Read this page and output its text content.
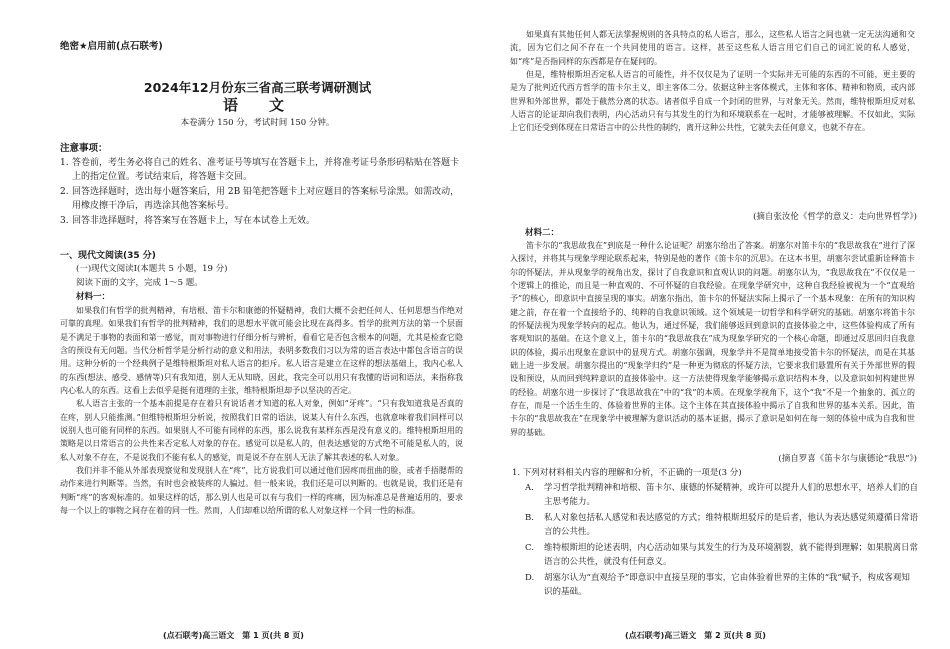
绝密★启用前(点石联考)
2024年12月份东三省高三联考调研测试
语　文
本卷满分 150 分，考试时间 150 分钟。
注意事项：
1. 答卷前，考生务必将自己的姓名、准考证号等填写在答题卡上，并将准考证号条形码粘贴在答题卡上的指定位置。考试结束后，将答题卡交回。
2. 回答选择题时，选出每小题答案后，用 2B 铅笔把答题卡上对应题目的答案标号涂黑。如需改动，用橡皮擦干净后，再选涂其他答案标号。
3. 回答非选择题时，将答案写在答题卡上，写在本试卷上无效。
一、现代文阅读(35 分)
(一)现代文阅读Ⅰ(本题共 5 小题，19 分)
阅读下面的文字，完成 1～5 题。
材料一：

如果我们有哲学的批判精神，有培根、笛卡尔和康德的怀疑精神，我们大概不会把任何人、任何思想当作绝对可靠的真理。如果我们有哲学的批判精神，我们的思想水平就可能会比现在高得多。哲学的批判方法的第一个层面是不满足于事物的表面和第一感觉，而对事物进行仔细分析与辨析，看看它是否包含根本的问题，尤其是检查它隐含的预设有无问题。当代分析哲学是分析行动的意义和用法，表明多数我们习以为常的语言表达中都包含语言的误用。这种分析的一个经典例子是维特根斯坦对私人语言的拒斥。私人语言是建立在这样的想法基础上，我内心私人的东西(想法、感受、感情等)只有我知道，别人无从知晓，因此，我完全可以用只有我懂的语词和语法，来指称我内心私人的东西。这看上去似乎是挺有道理的主张，维特根斯坦却予以坚决的否定。

私人语言主张的一个基本前提是存在着只有说话者才知道的私人对象，例如“牙疼”。“只有我知道我是否真的在疼，别人只能推测。”但维特根斯坦分析说，按照我们日常的语法，说某人有什么东西，也就意味着我们同样可以说别人也可能有同样的东西。如果别人不可能有同样的东西，那么说我有某样东西是没有意义的。维特根斯坦用的策略是以日常语言的公共性来否定私人对象的存在。感觉可以是私人的，但表达感觉的方式绝不可能是私人的，说私人对象不存在，不是说我们不能有私人的感觉，而是说不存在别人无法了解其表述的私人对象。

我们并非不能从外部表现察觉和发现别人在“疼”，比方说我们可以通过他们因疼而扭曲的脸，或者手捂腮帮的动作来进行判断等。当然，有时也会被装疼的人骗过。但一般来说，我们还是可以判断的。也就是说，我们还是有判断“疼”的客观标准的。如果这样的话，那么别人也是可以有与我们一样的疼痛，因为标准总是普遍适用的，要求每一个以上的事物之间存在着的同一性。然而，人们却难以给所谓的私人对象这样一个同一性的标准。

(点石联考)高三语文　第 1 页(共 8 页)

如果真有其他任何人都无法掌握规则的各具特点的私人语言，那么，这些私人语言之间也就一定无法沟通和交流，因为它们之间不存在一个共同使用的语言。这样，甚至这些私人语言用它们自己的词汇说的私人感觉，如“疼”是否指同样的东西都是存在疑问的。

但是，维特根斯坦否定私人语言的可能性，并不仅仅是为了证明一个实际并无可能的东西的不可能，更主要的是为了批判近代西方哲学的笛卡尔主义，即主客体二分。依据这种主客体模式，主体和客体、精神和物质，或内部世界和外部世界，都处于截然分离的状态。诸者似乎自成一个封闭的世界，与对象无关。然而，维特根斯坦反对私人语言的论证却向我们表明，内心活动只有与其发生的行为和环境联系在一起时，才能够被理解。不仅如此，实际上它们还受到体现在日常语言中的公共性的制约，离开这种公共性，它就失去任何意义，也就不存在。

(摘自张汝伦《哲学的意义：走向世界哲学》)
材料二：

笛卡尔的“我思故我在”到底是一种什么论证呢？胡塞尔给出了答案。胡塞尔对笛卡尔的“我思故我在”进行了深入探讨，并将其与现象学理论联系起来，特别是他的著作《笛卡尔的沉思》。在这本书里，胡塞尔尝试重新诠释笛卡尔的怀疑法，并从现象学的视角出发，探讨了自我意识和直观认识的问题。胡塞尔认为，“我思故我在”不仅仅是一个逻辑上的推论，而且是一种直观的、不可怀疑的自我经验。在现象学研究中，这种自我经验被视为一个“直观给予”的核心，即意识中直接呈现的事实。胡塞尔指出，笛卡尔的怀疑法实际上揭示了一个基本现象：在所有的知识构建之前，存在着一个直接给予的、纯粹的自我意识领域。这个领域是一切哲学和科学研究的基础。胡塞尔将笛卡尔的怀疑法视为现象学转向的起点。他认为，通过怀疑，我们能够返回到意识的直接体验之中，这些体验构成了所有客观知识的基础。在这个意义上，笛卡尔的“我思故我在”成为现象学研究的一个核心命题，即通过反思回归自我意识的体验，揭示出现象在意识中的显现方式。胡塞尔强调，现象学并不是简单地接受笛卡尔的怀疑法，而是在其基础上进一步发展。胡塞尔提出的“现象学归约”是一种更为彻底的怀疑方法，它要求我们悬置所有关于外部世界的假设和预设，从而回到纯粹意识的直接体验中。这一方法使得现象学能够揭示意识结构本身，以及意识如何构建世界的经验。胡塞尔进一步探讨了“我思故我在”中的“我”的本质。在现象学视角下，这个“我”不是一个抽象的、孤立的存在，而是一个活生生的、体验着世界的主体。这个主体在其直接体验中揭示了自我和世界的基本关系。因此，笛卡尔的“我思故我在”在现象学中被理解为意识活动的基本证据，揭示了意识是如何在每一刻的体验中成为自我和世界的基础。

(摘自罗喜《笛卡尔与康德论“我思”》)
1. 下列对材料相关内容的理解和分析，不正确的一项是(3 分)
A.	学习哲学批判精神和培根、笛卡尔、康德的怀疑精神，或许可以提升人们的思想水平，培养人们的自主思考能力。
B.	私人对象包括私人感觉和表达感觉的方式；维特根斯坦驳斥的是后者，他认为表达感觉须遵循日常语言的公共性。
C.	维特根斯坦的论述表明，内心活动如果与其发生的行为及环境割裂，就不能得到理解；如果脱离日常语言的公共性，就没有任何意义。
D.	胡塞尔认为“直观给予”即意识中直接呈现的事实，它由体验着世界的主体的“我”赋予，构成客观知识的基础。
(点石联考)高三语文　第 2 页(共 8 页)
